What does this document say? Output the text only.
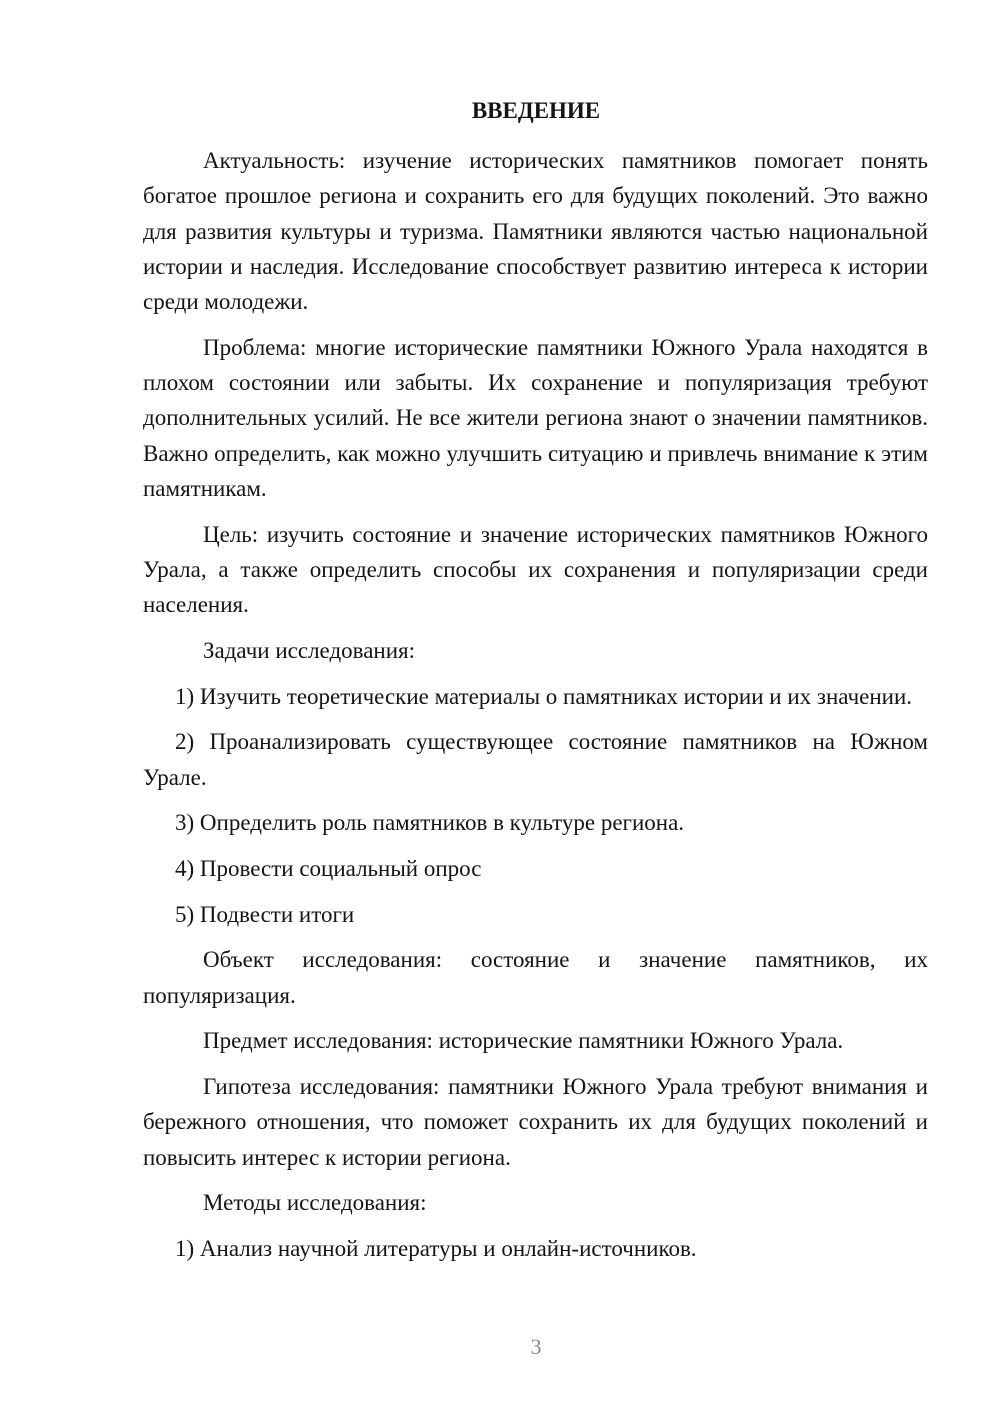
ВВЕДЕНИЕ

Актуальность: изучение исторических памятников помогает понять богатое прошлое региона и сохранить его для будущих поколений. Это важно для развития культуры и туризма. Памятники являются частью национальной истории и наследия. Исследование способствует развитию интереса к истории среди молодежи.

Проблема: многие исторические памятники Южного Урала находятся в плохом состоянии или забыты. Их сохранение и популяризация требуют дополнительных усилий. Не все жители региона знают о значении памятников. Важно определить, как можно улучшить ситуацию и привлечь внимание к этим памятникам.

Цель: изучить состояние и значение исторических памятников Южного Урала, а также определить способы их сохранения и популяризации среди населения.

Задачи исследования:

1) Изучить теоретические материалы о памятниках истории и их значении.

2) Проанализировать существующее состояние памятников на Южном Урале.

3) Определить роль памятников в культуре региона.

4) Провести социальный опрос

5) Подвести итоги

Объект исследования: состояние и значение памятников, их популяризация.

Предмет исследования: исторические памятники Южного Урала.

Гипотеза исследования: памятники Южного Урала требуют внимания и бережного отношения, что поможет сохранить их для будущих поколений и повысить интерес к истории региона.

Методы исследования:

1) Анализ научной литературы и онлайн-источников.

3
